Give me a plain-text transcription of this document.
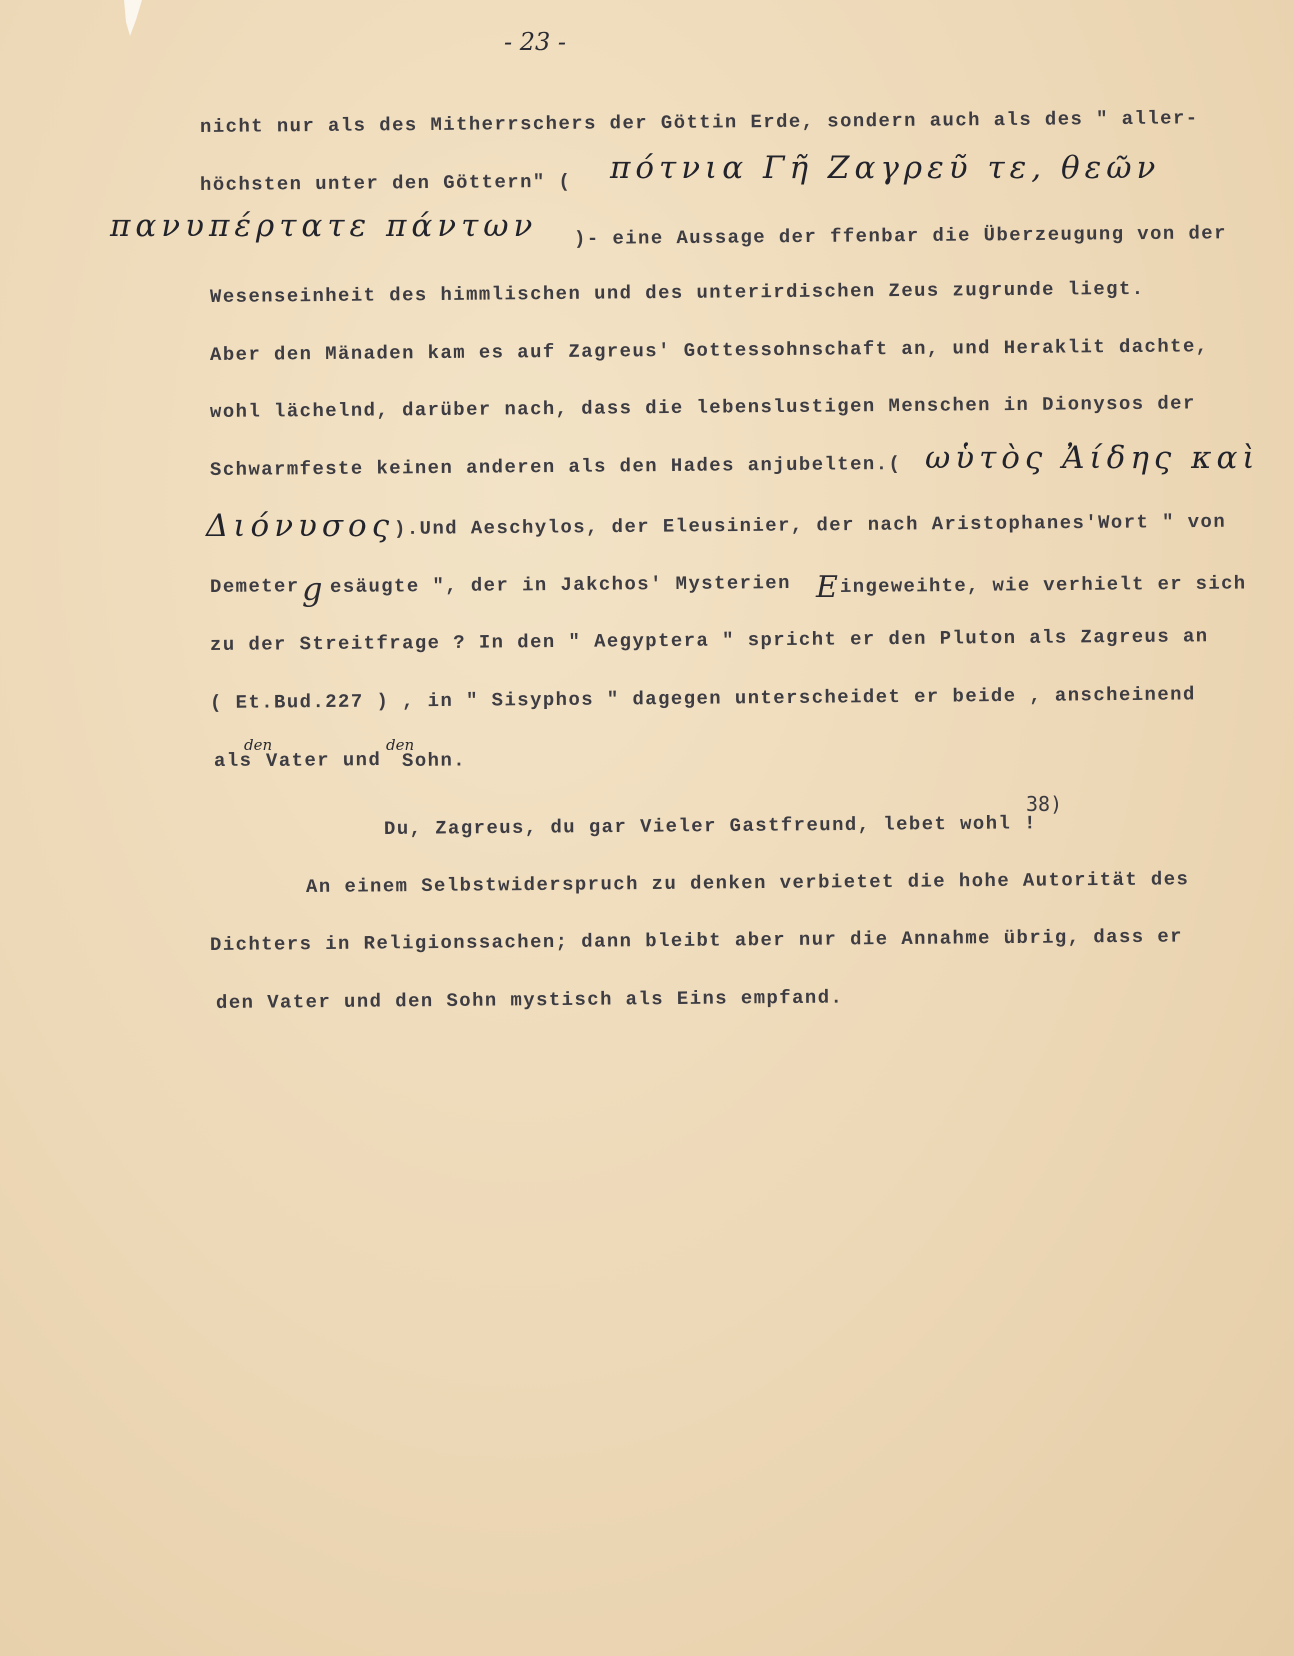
- 23 -
nicht nur als des Mitherrschers der Göttin Erde, sondern auch als des " aller-
höchsten unter den Göttern" ( πότνια Γῆ Ζαγρεῦ τε, θεῶν
πανυπέρτατε πάντων )- eine Aussage der ffenbar die Überzeugung von der
Wesenseinheit des himmlischen und des unterirdischen Zeus zugrunde liegt.
Aber den Mänaden kam es auf Zagreus' Gottessohnschaft an, und Heraklit dachte,
wohl lächelnd, darüber nach, dass die lebenslustigen Menschen in Dionysos der
Schwarmfeste keinen anderen als den Hades anjubelten.( ωὑτὸς Ἀίδης καὶ
Διόνυσος ).Und Aeschylos, der Eleusinier, der nach Aristophanes'Wort " von
Demeter g esäugte ", der in Jakchos' Mysterien E ingeweihte, wie verhielt er sich
zu der Streitfrage ? In den " Aegyptera " spricht er den Pluton als Zagreus an
( Et.Bud.227 ) , in " Sisyphos " dagegen unterscheidet er beide , anscheinend
als
den
Vater und
den
Sohn.
Du, Zagreus, du gar Vieler Gastfreund, lebet wohl !
38)
An einem Selbstwiderspruch zu denken verbietet die hohe Autorität des
Dichters in Religionssachen; dann bleibt aber nur die Annahme übrig, dass er
den Vater und den Sohn mystisch als Eins empfand.
